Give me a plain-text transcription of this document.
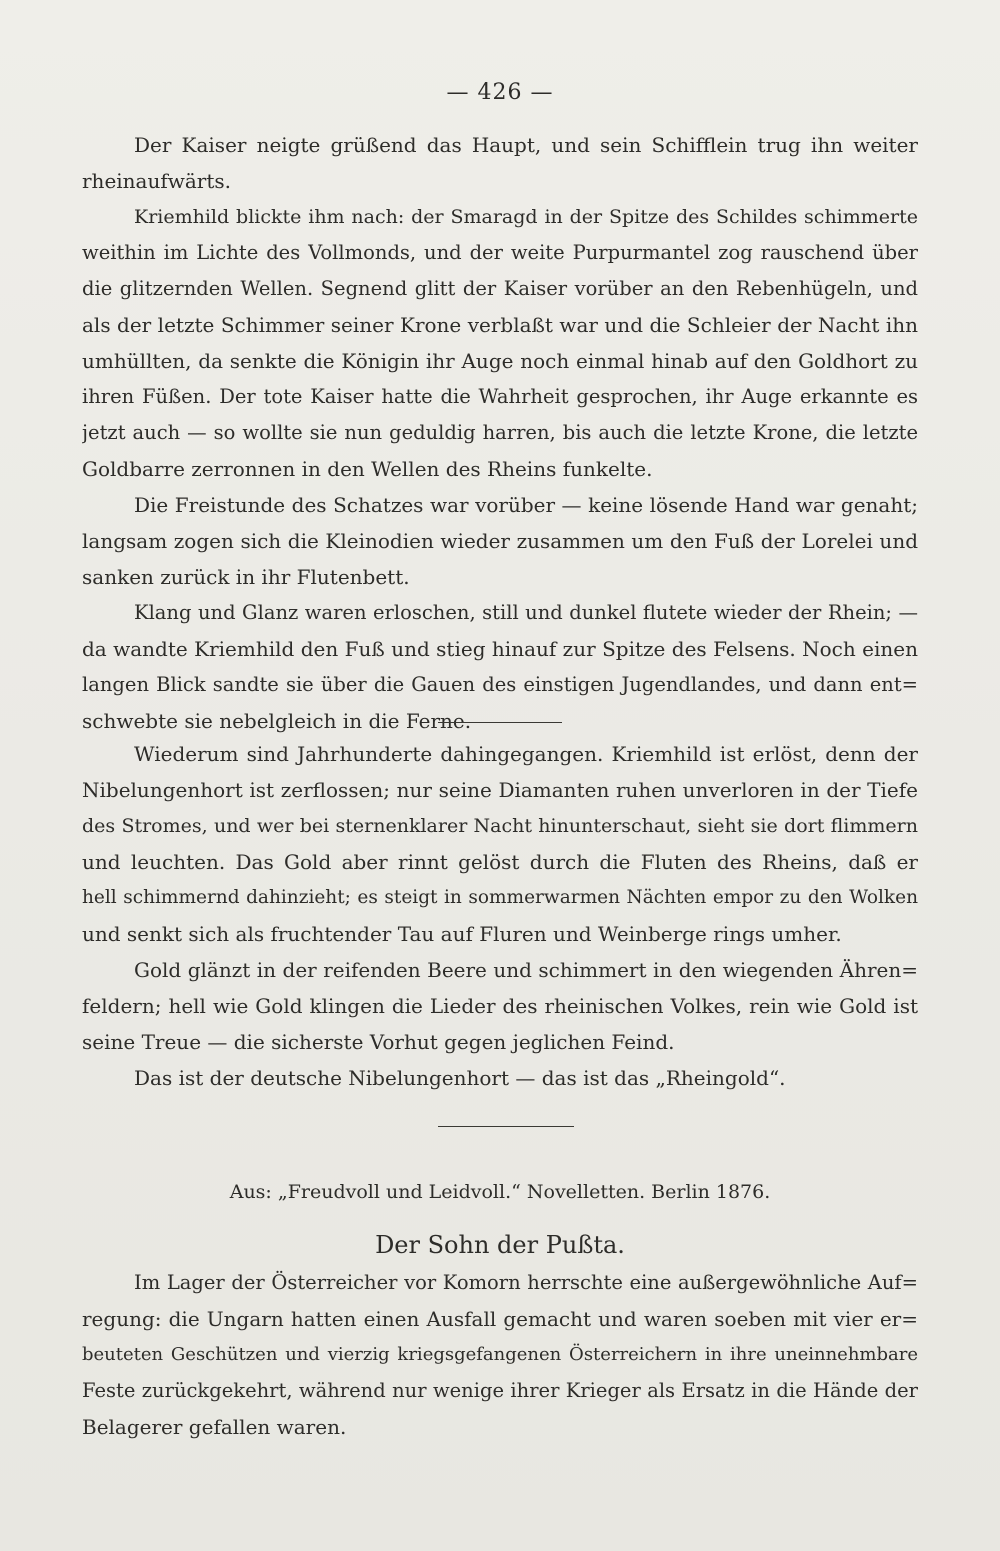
— 426 —
Der Kaiser neigte grüßend das Haupt, und sein Schifflein trug ihn weiter
rheinaufwärts.
Kriemhild blickte ihm nach: der Smaragd in der Spitze des Schildes schimmerte
weithin im Lichte des Vollmonds, und der weite Purpurmantel zog rauschend über
die glitzernden Wellen. Segnend glitt der Kaiser vorüber an den Rebenhügeln, und
als der letzte Schimmer seiner Krone verblaßt war und die Schleier der Nacht ihn
umhüllten, da senkte die Königin ihr Auge noch einmal hinab auf den Goldhort zu
ihren Füßen. Der tote Kaiser hatte die Wahrheit gesprochen, ihr Auge erkannte es
jetzt auch — so wollte sie nun geduldig harren, bis auch die letzte Krone, die letzte
Goldbarre zerronnen in den Wellen des Rheins funkelte.
Die Freistunde des Schatzes war vorüber — keine lösende Hand war genaht;
langsam zogen sich die Kleinodien wieder zusammen um den Fuß der Lorelei und
sanken zurück in ihr Flutenbett.
Klang und Glanz waren erloschen, still und dunkel flutete wieder der Rhein; —
da wandte Kriemhild den Fuß und stieg hinauf zur Spitze des Felsens. Noch einen
langen Blick sandte sie über die Gauen des einstigen Jugendlandes, und dann ent=
schwebte sie nebelgleich in die Ferne.
Wiederum sind Jahrhunderte dahingegangen. Kriemhild ist erlöst, denn der
Nibelungenhort ist zerflossen; nur seine Diamanten ruhen unverloren in der Tiefe
des Stromes, und wer bei sternenklarer Nacht hinunterschaut, sieht sie dort flimmern
und leuchten. Das Gold aber rinnt gelöst durch die Fluten des Rheins, daß er
hell schimmernd dahinzieht; es steigt in sommerwarmen Nächten empor zu den Wolken
und senkt sich als fruchtender Tau auf Fluren und Weinberge rings umher.
Gold glänzt in der reifenden Beere und schimmert in den wiegenden Ähren=
feldern; hell wie Gold klingen die Lieder des rheinischen Volkes, rein wie Gold ist
seine Treue — die sicherste Vorhut gegen jeglichen Feind.
Das ist der deutsche Nibelungenhort — das ist das „Rheingold“.
Aus: „Freudvoll und Leidvoll.“ Novelletten. Berlin 1876.
Der Sohn der Pußta.
Im Lager der Österreicher vor Komorn herrschte eine außergewöhnliche Auf=
regung: die Ungarn hatten einen Ausfall gemacht und waren soeben mit vier er=
beuteten Geschützen und vierzig kriegsgefangenen Österreichern in ihre uneinnehmbare
Feste zurückgekehrt, während nur wenige ihrer Krieger als Ersatz in die Hände der
Belagerer gefallen waren.
